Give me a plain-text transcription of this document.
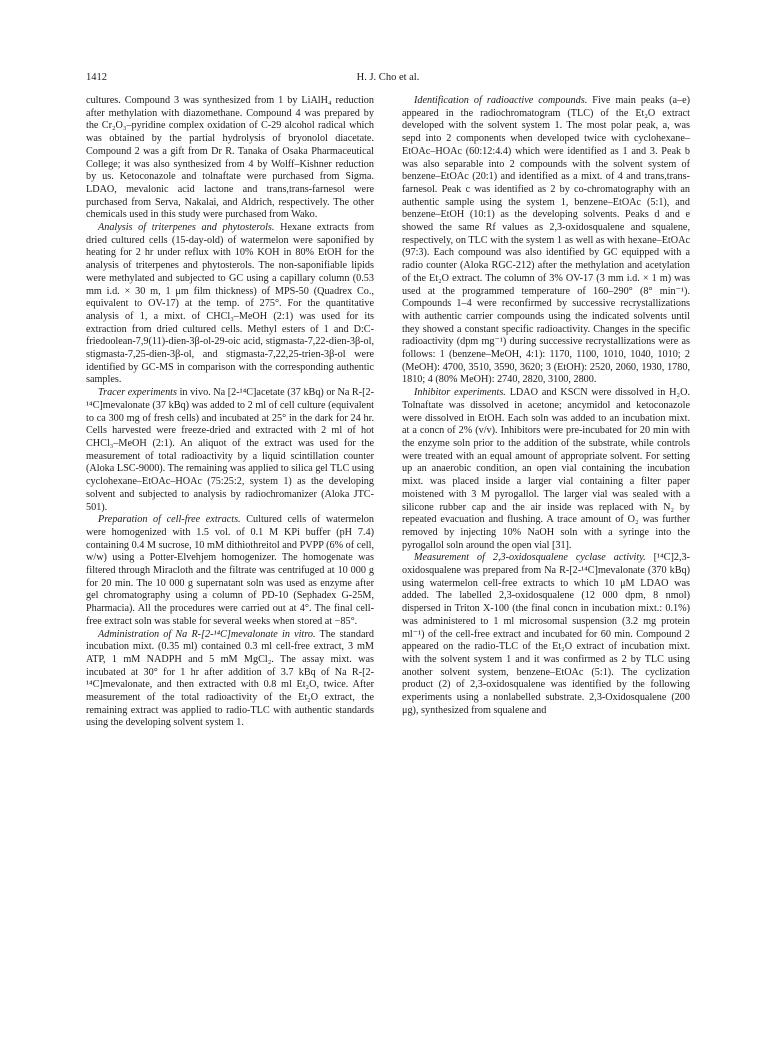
1412	H. J. Cho et al.

cultures. Compound 3 was synthesized from 1 by LiAlH₄ reduction after methylation with diazomethane. Compound 4 was prepared by the Cr₂O₃–pyridine complex oxidation of C-29 alcohol radical which was obtained by the partial hydrolysis of bryonolol diacetate. Compound 2 was a gift from Dr R. Tanaka of Osaka Pharmaceutical College; it was also synthesized from 4 by Wolff–Kishner reduction by us. Ketoconazole and tolnaftate were purchased from Sigma. LDAO, mevalonic acid lactone and trans,trans-farnesol were purchased from Serva, Nakalai, and Aldrich, respectively. The other chemicals used in this study were purchased from Wako.

Analysis of triterpenes and phytosterols. Hexane extracts from dried cultured cells (15-day-old) of watermelon were saponified by heating for 2 hr under reflux with 10% KOH in 80% EtOH for the analysis of triterpenes and phytosterols. The non-saponifiable lipids were methylated and subjected to GC using a capillary column (0.53 mm i.d. × 30 m, 1 μm film thickness) of MPS-50 (Quadrex Co., equivalent to OV-17) at the temp. of 275°. For the quantitative analysis of 1, a mixt. of CHCl₃–MeOH (2:1) was used for its extraction from dried cultured cells. Methyl esters of 1 and D:C-friedoolean-7,9(11)-dien-3β-ol-29-oic acid, stigmasta-7,22-dien-3β-ol, stigmasta-7,25-dien-3β-ol, and stigmasta-7,22,25-trien-3β-ol were identified by GC-MS in comparison with the corresponding authentic samples.

Tracer experiments in vivo. Na [2-¹⁴C]acetate (37 kBq) or Na R-[2-¹⁴C]mevalonate (37 kBq) was added to 2 ml of cell culture (equivalent to ca 300 mg of fresh cells) and incubated at 25° in the dark for 24 hr. Cells harvested were freeze-dried and extracted with 2 ml of hot CHCl₃–MeOH (2:1). An aliquot of the extract was used for the measurement of total radioactivity by a liquid scintillation counter (Aloka LSC-9000). The remaining was applied to silica gel TLC using cyclohexane–EtOAc–HOAc (75:25:2, system 1) as the developing solvent and subjected to analysis by radiochromanizer (Aloka JTC-501).

Preparation of cell-free extracts. Cultured cells of watermelon were homogenized with 1.5 vol. of 0.1 M KPi buffer (pH 7.4) containing 0.4 M sucrose, 10 mM dithiothreitol and PVPP (6% of cell, w/w) using a Potter-Elvehjem homogenizer. The homogenate was filtered through Miracloth and the filtrate was centrifuged at 10 000 g for 20 min. The 10 000 g supernatant soln was used as enzyme after gel chromatography using a column of PD-10 (Sephadex G-25M, Pharmacia). All the procedures were carried out at 4°. The final cell-free extract soln was stable for several weeks when stored at −85°.

Administration of Na R-[2-¹⁴C]mevalonate in vitro. The standard incubation mixt. (0.35 ml) contained 0.3 ml cell-free extract, 3 mM ATP, 1 mM NADPH and 5 mM MgCl₂. The assay mixt. was incubated at 30° for 1 hr after addition of 3.7 kBq of Na R-[2-¹⁴C]mevalonate, and then extracted with 0.8 ml Et₂O, twice. After measurement of the total radioactivity of the Et₂O extract, the remaining extract was applied to radio-TLC with authentic standards using the developing solvent system 1.

Identification of radioactive compounds. Five main peaks (a–e) appeared in the radiochromatogram (TLC) of the Et₂O extract developed with the solvent system 1. The most polar peak, a, was sepd into 2 components when developed twice with cyclohexane–EtOAc–HOAc (60:12:4.4) which were identified as 1 and 3. Peak b was also separable into 2 compounds with the solvent system of benzene–EtOAc (20:1) and identified as a mixt. of 4 and trans,trans-farnesol. Peak c was identified as 2 by co-chromatography with an authentic sample using the system 1, benzene–EtOAc (5:1), and benzene–EtOH (10:1) as the developing solvents. Peaks d and e showed the same Rf values as 2,3-oxidosqualene and squalene, respectively, on TLC with the system 1 as well as with hexane–EtOAc (97:3). Each compound was also identified by GC equipped with a radio counter (Aloka RGC-212) after the methylation and acetylation of the Et₂O extract. The column of 3% OV-17 (3 mm i.d. × 1 m) was used at the programmed temperature of 160–290° (8° min⁻¹). Compounds 1–4 were reconfirmed by successive recrystallizations with authentic carrier compounds using the indicated solvents until they showed a constant specific radioactivity. Changes in the specific radioactivity (dpm mg⁻¹) during successive recrystallizations were as follows: 1 (benzene–MeOH, 4:1): 1170, 1100, 1010, 1040, 1010; 2 (MeOH): 4700, 3510, 3590, 3620; 3 (EtOH): 2520, 2060, 1930, 1780, 1810; 4 (80% MeOH): 2740, 2820, 3100, 2800.

Inhibitor experiments. LDAO and KSCN were dissolved in H₂O. Tolnaftate was dissolved in acetone; ancymidol and ketoconazole were dissolved in EtOH. Each soln was added to an incubation mixt. at a concn of 2% (v/v). Inhibitors were pre-incubated for 20 min with the enzyme soln prior to the addition of the substrate, while controls were treated with an equal amount of appropriate solvent. For setting up an anaerobic condition, an open vial containing the incubation mixt. was placed inside a larger vial containing a filter paper moistened with 3 M pyrogallol. The larger vial was sealed with a silicone rubber cap and the air inside was replaced with N₂ by repeated evacuation and flushing. A trace amount of O₂ was further removed by injecting 10% NaOH soln with a syringe into the pyrogallol soln around the open vial [31].

Measurement of 2,3-oxidosqualene cyclase activity. [¹⁴C]2,3-oxidosqualene was prepared from Na R-[2-¹⁴C]mevalonate (370 kBq) using watermelon cell-free extracts to which 10 μM LDAO was added. The labelled 2,3-oxidosqualene (12 000 dpm, 8 nmol) dispersed in Triton X-100 (the final concn in incubation mixt.: 0.1%) was administered to 1 ml microsomal suspension (3.2 mg protein ml⁻¹) of the cell-free extract and incubated for 60 min. Compound 2 appeared on the radio-TLC of the Et₂O extract of incubation mixt. with the solvent system 1 and it was confirmed as 2 by TLC using another solvent system, benzene–EtOAc (5:1). The cyclization product (2) of 2,3-oxidosqualene was identified by the following experiments using a nonlabelled substrate. 2,3-Oxidosqualene (200 μg), synthesized from squalene and
